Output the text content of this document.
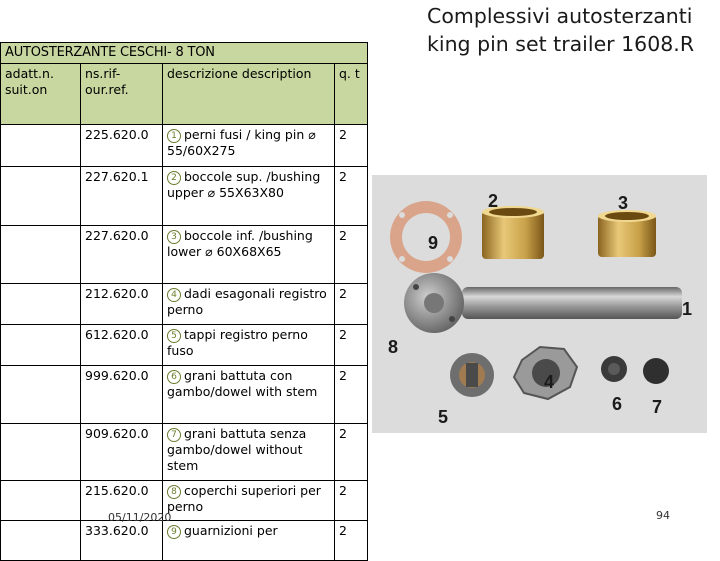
AUTOSTERZANTE CESCHI- 8 TON			
adatt.n. suit.on	ns.rif-our.ref.	descrizione description	q. t
	225.620.0	1 perni fusi / king pin ⌀ 55/60X275	2
	227.620.1	2 boccole sup. /bushing upper ⌀ 55X63X80	2
	227.620.0	3 boccole inf. /bushing lower ⌀ 60X68X65	2
	212.620.0	4 dadi esagonali registro perno	2
	612.620.0	5 tappi registro perno fuso	2
	999.620.0	6 grani battuta con gambo/dowel with stem	2
	909.620.0	7 grani battuta senza gambo/dowel without stem	2
	215.620.0	8 coperchi superiori per perno	2
	333.620.0	9 guarnizioni per	2
Complessivi autosterzanti king pin set trailer 1608.R
1
2	3
4
5
6 7
8
9
05/11/2020	94
